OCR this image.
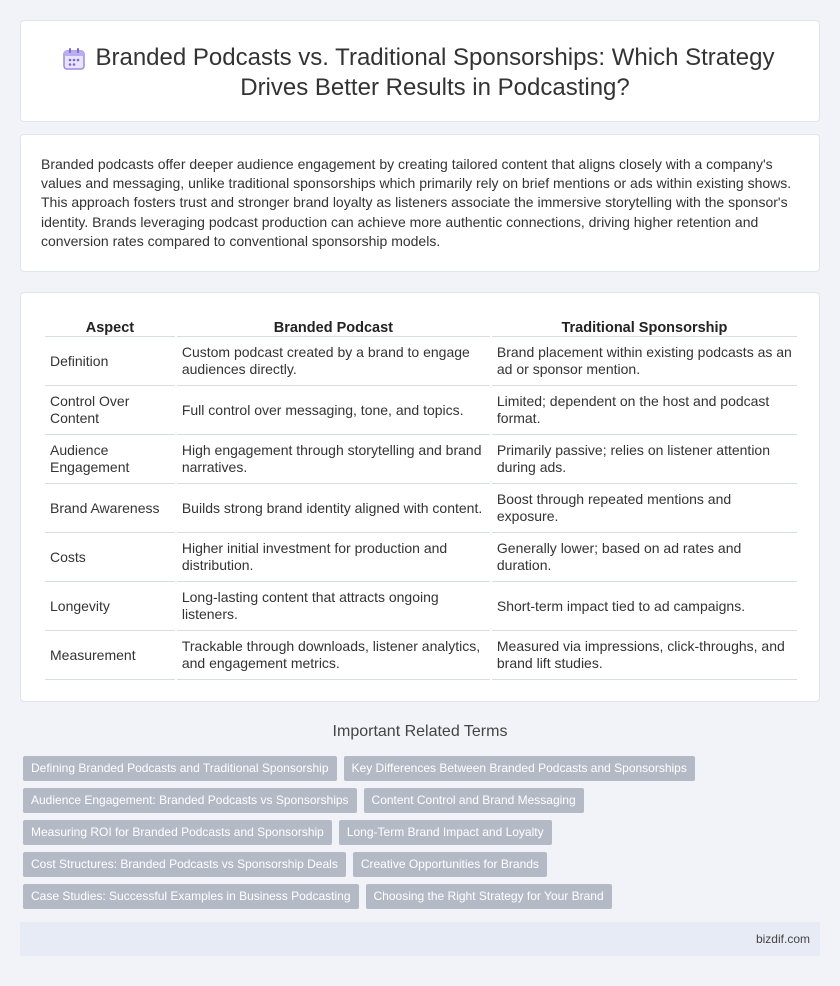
Branded Podcasts vs. Traditional Sponsorships: Which Strategy Drives Better Results in Podcasting?

Branded podcasts offer deeper audience engagement by creating tailored content that aligns closely with a company's values and messaging, unlike traditional sponsorships which primarily rely on brief mentions or ads within existing shows. This approach fosters trust and stronger brand loyalty as listeners associate the immersive storytelling with the sponsor's identity. Brands leveraging podcast production can achieve more authentic connections, driving higher retention and conversion rates compared to conventional sponsorship models.

Aspect	Branded Podcast	Traditional Sponsorship
Definition	Custom podcast created by a brand to engage audiences directly.	Brand placement within existing podcasts as an ad or sponsor mention.
Control Over Content	Full control over messaging, tone, and topics.	Limited; dependent on the host and podcast format.
Audience Engagement	High engagement through storytelling and brand narratives.	Primarily passive; relies on listener attention during ads.
Brand Awareness	Builds strong brand identity aligned with content.	Boost through repeated mentions and exposure.
Costs	Higher initial investment for production and distribution.	Generally lower; based on ad rates and duration.
Longevity	Long-lasting content that attracts ongoing listeners.	Short-term impact tied to ad campaigns.
Measurement	Trackable through downloads, listener analytics, and engagement metrics.	Measured via impressions, click-throughs, and brand lift studies.
Important Related Terms
Defining Branded Podcasts and Traditional Sponsorship	Key Differences Between Branded Podcasts and Sponsorships
Audience Engagement: Branded Podcasts vs Sponsorships	Content Control and Brand Messaging
Measuring ROI for Branded Podcasts and Sponsorship	Long-Term Brand Impact and Loyalty
Cost Structures: Branded Podcasts vs Sponsorship Deals	Creative Opportunities for Brands
Case Studies: Successful Examples in Business Podcasting	Choosing the Right Strategy for Your Brand
bizdif.com
